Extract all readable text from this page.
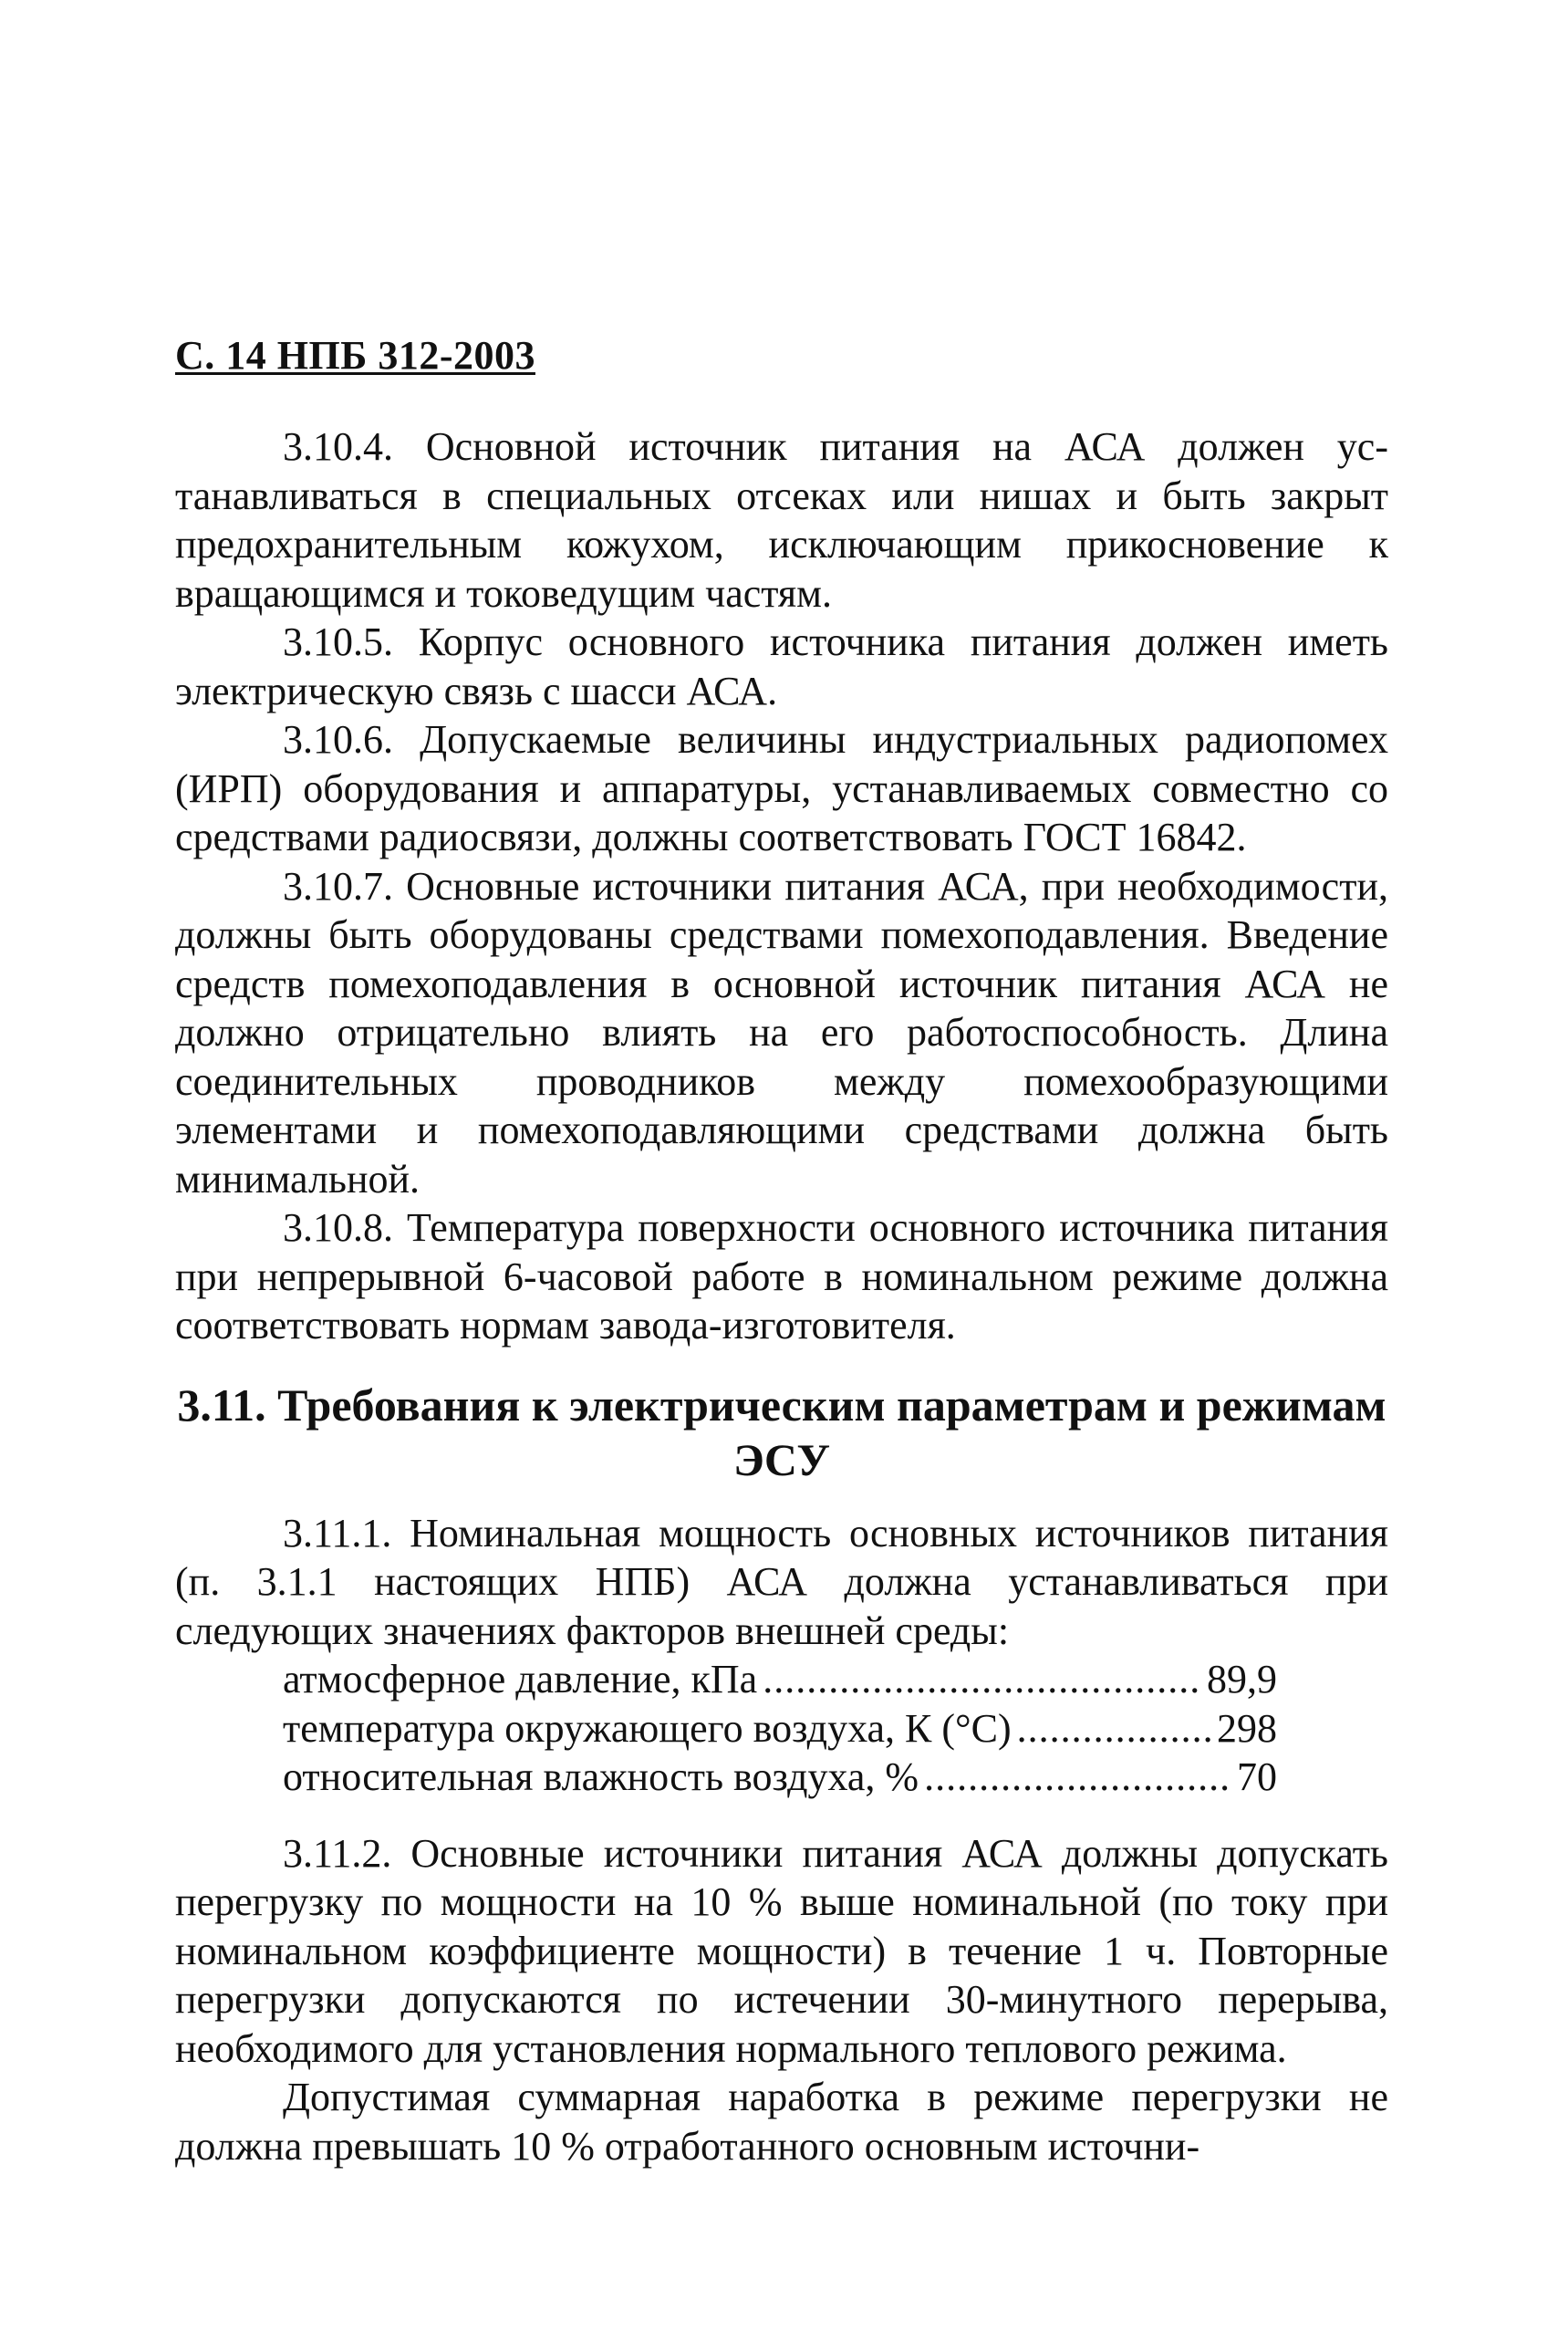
С. 14 НПБ 312-2003

3.10.4. Основной источник питания на АСА должен устанавливаться в специальных отсеках или нишах и быть закрыт предохранительным кожухом, исключающим прикосновение к вращающимся и токоведущим частям.

3.10.5. Корпус основного источника питания должен иметь электрическую связь с шасси АСА.

3.10.6. Допускаемые величины индустриальных радиопомех (ИРП) оборудования и аппаратуры, устанавливаемых совместно со средствами радиосвязи, должны соответствовать ГОСТ 16842.

3.10.7. Основные источники питания АСА, при необходимости, должны быть оборудованы средствами помехоподавления. Введение средств помехоподавления в основной источник питания АСА не должно отрицательно влиять на его работоспособность. Длина соединительных проводников между помехообразующими элементами и помехоподавляющими средствами должна быть минимальной.

3.10.8. Температура поверхности основного источника питания при непрерывной 6-часовой работе в номинальном режиме должна соответствовать нормам завода-изготовителя.

3.11. Требования к электрическим параметрам и режимам ЭСУ

3.11.1. Номинальная мощность основных источников питания (п. 3.1.1 настоящих НПБ) АСА должна устанавливаться при следующих значениях факторов внешней среды:

атмосферное давление, кПа .....	89,9
температура окружающего воздуха, К (°С) .....	298
относительная влажность воздуха, % .....	70

3.11.2. Основные источники питания АСА должны допускать перегрузку по мощности на 10 % выше номинальной (по току при номинальном коэффициенте мощности) в течение 1 ч. Повторные перегрузки допускаются по истечении 30-минутного перерыва, необходимого для установления нормального теплового режима.

Допустимая суммарная наработка в режиме перегрузки не должна превышать 10 % отработанного основным источни-
